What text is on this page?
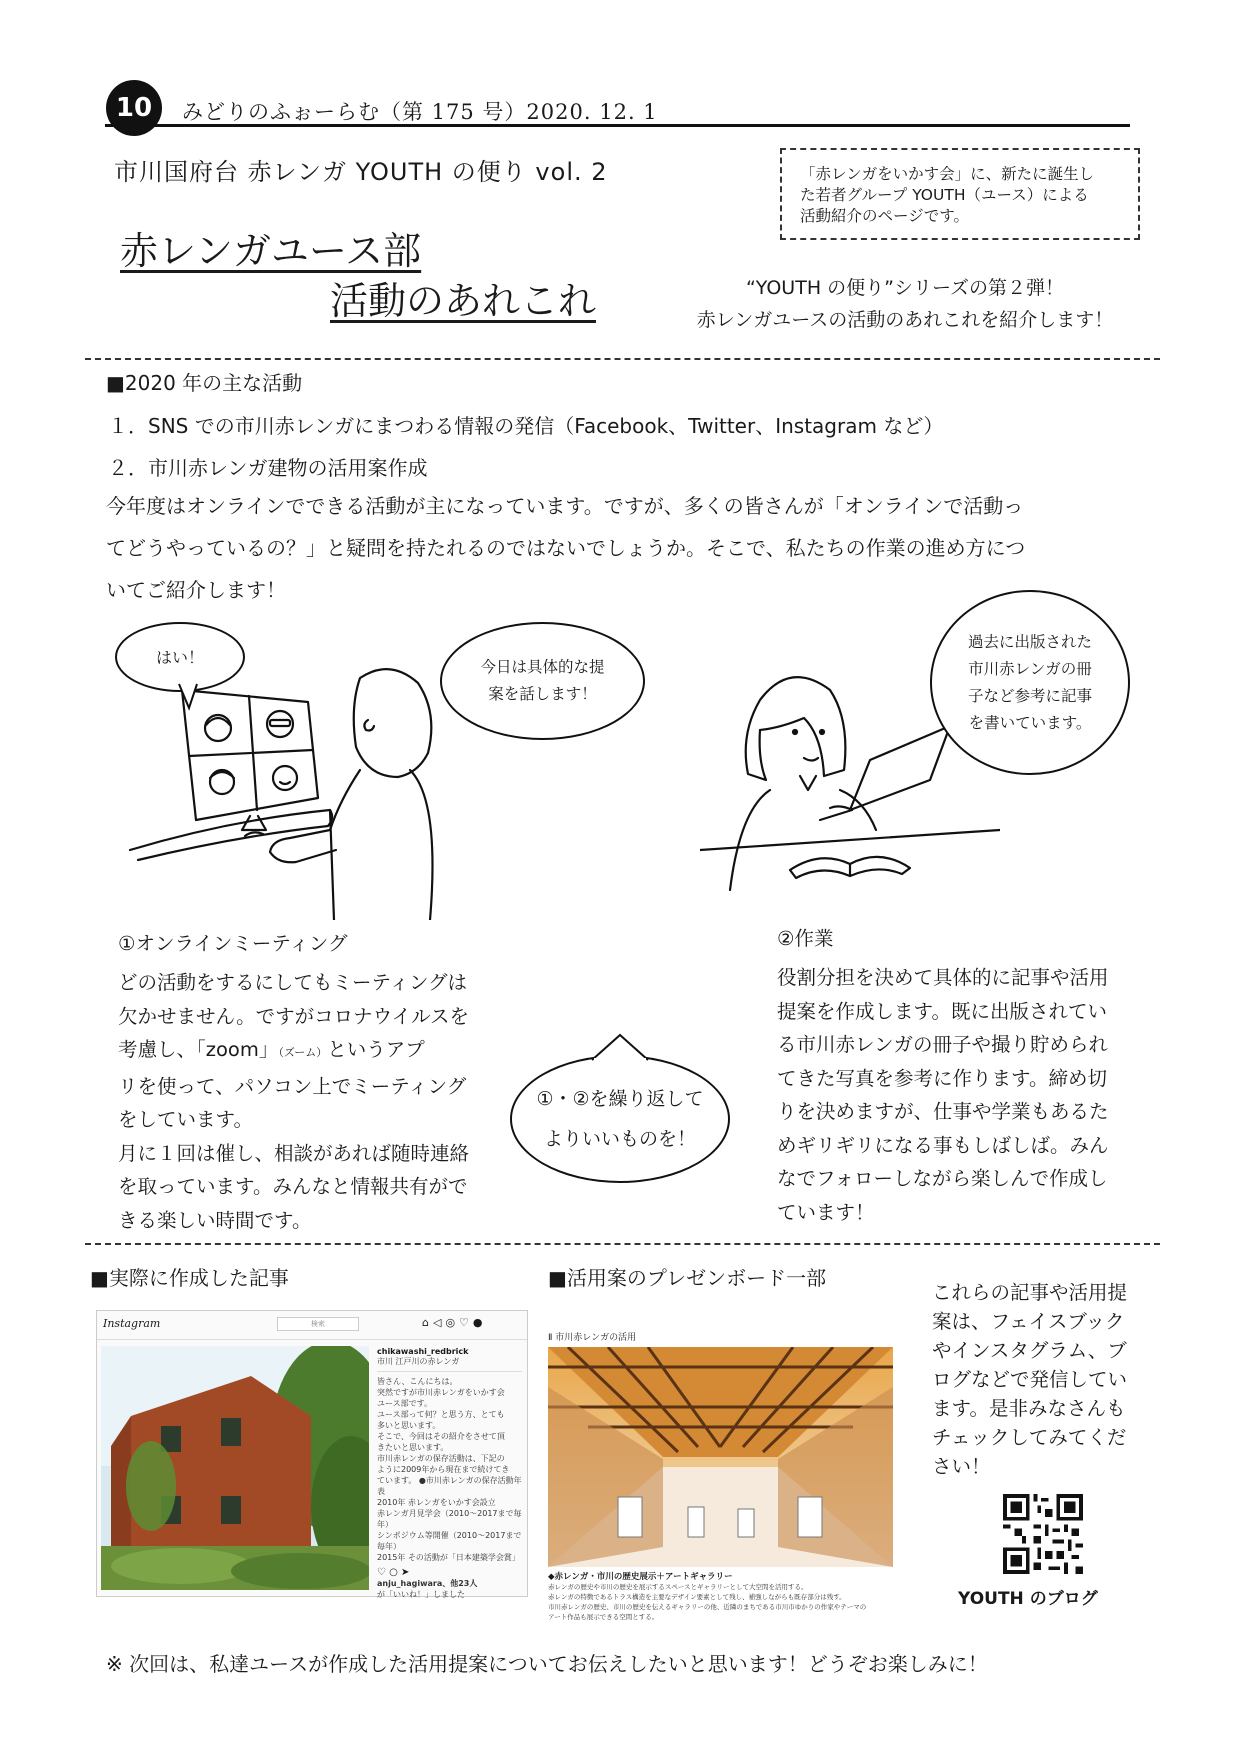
10	みどりのふぉーらむ（第 175 号）2020. 12. 1
市川国府台 赤レンガ YOUTH の便り vol. 2	「赤レンガをいかす会」に、新たに誕生し
た若者グループ YOUTH（ユース）による
活動紹介のページです。
赤レンガユース部
活動のあれこれ	“YOUTH の便り”シリーズの第２弾！
赤レンガユースの活動のあれこれを紹介します！
■2020 年の主な活動
１．SNS での市川赤レンガにまつわる情報の発信（Facebook、Twitter、Instagram など）
２．市川赤レンガ建物の活用案作成
今年度はオンラインでできる活動が主になっています。ですが、多くの皆さんが「オンラインで活動っ
てどうやっているの？」と疑問を持たれるのではないでしょうか。そこで、私たちの作業の進め方につ
いてご紹介します！
はい！
今日は具体的な提
案を話します！
過去に出版された
市川赤レンガの冊
子など参考に記事
を書いています。
①オンラインミーティング
どの活動をするにしてもミーティングは
欠かせません。ですがコロナウイルスを
考慮し、「zoom」（ズーム）というアプ
リを使って、パソコン上でミーティング
をしています。
月に１回は催し、相談があれば随時連絡
を取っています。みんなと情報共有がで
きる楽しい時間です。
①・②を繰り返して
よりいいものを！
②作業
役割分担を決めて具体的に記事や活用
提案を作成します。既に出版されてい
る市川赤レンガの冊子や撮り貯められ
てきた写真を参考に作ります。締め切
りを決めますが、仕事や学業もあるた
めギリギリになる事もしばしば。みん
なでフォローしながら楽しんで作成し
ています！
■実際に作成した記事	■活用案のプレゼンボード一部
Instagram	検索	⌂◁◎♡●
chikawashi_redbrick
市川 江戸川の赤レンガ
皆さん、こんにちは。
突然ですが市川赤レンガをいかす会
ユース部です。
ユース部って何？と思う方、とても
多いと思います。
そこで、今回はその紹介をさせて頂
きたいと思います。
市川赤レンガの保存活動は、下記の
ように2009年から現在まで続けてき
ています。 ●市川赤レンガの保存活動年表
2010年 赤レンガをいかす会設立
赤レンガ月見学会（2010〜2017まで毎年）
シンポジウム等開催（2010〜2017まで毎年）
2015年 その活動が「日本建築学会賞」
♡ ○ ➤
anju_hagiwara、他23人
が「いいね！」しました
Ⅱ 市川赤レンガの活用
◆赤レンガ・市川の歴史展示＋アートギャラリー
赤レンガの歴史や市川の歴史を展示するスペースとギャラリーとして大空間を活用する。
赤レンガの特徴であるトラス構造を主要なデザイン要素として残し、補強しながらも既存部分は残す。
市川赤レンガの歴史、市川の歴史を伝えるギャラリーの他、近隣のまちである市川市ゆかりの作家やテーマの
アート作品も展示できる空間とする。
これらの記事や活用提
案は、フェイスブック
やインスタグラム、ブ
ログなどで発信してい
ます。是非みなさんも
チェックしてみてくだ
さい！
YOUTH のブログ
※ 次回は、私達ユースが作成した活用提案についてお伝えしたいと思います！どうぞお楽しみに！
